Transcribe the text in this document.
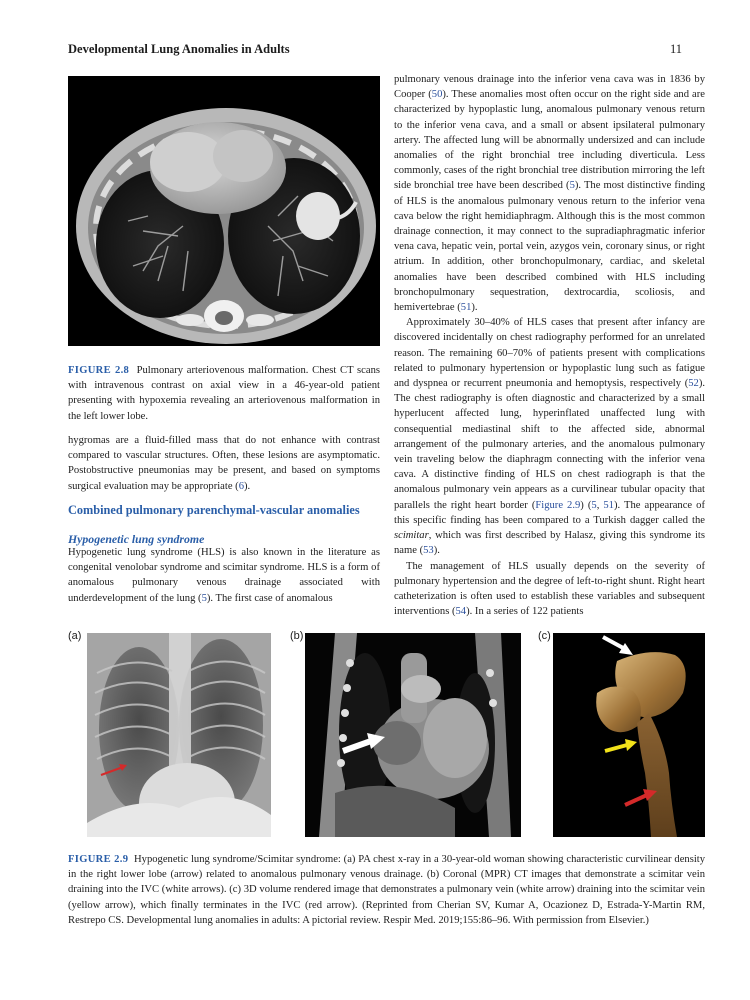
Developmental Lung Anomalies in Adults	11
FIGURE 2.8 Pulmonary arteriovenous malformation. Chest CT scans with intravenous contrast on axial view in a 46-year-old patient presenting with hypoxemia revealing an arteriovenous malformation in the left lower lobe.

hygromas are a fluid-filled mass that do not enhance with contrast compared to vascular structures. Often, these lesions are asymptomatic. Postobstructive pneumonias may be present, and based on symptoms surgical evaluation may be appropriate (6).

Combined pulmonary parenchymal-vascular anomalies
Hypogenetic lung syndrome

Hypogenetic lung syndrome (HLS) is also known in the literature as congenital venolobar syndrome and scimitar syndrome. HLS is a form of anomalous pulmonary venous drainage associated with underdevelopment of the lung (5). The first case of anomalous

pulmonary venous drainage into the inferior vena cava was in 1836 by Cooper (50). These anomalies most often occur on the right side and are characterized by hypoplastic lung, anomalous pulmonary venous return to the inferior vena cava, and a small or absent ipsilateral pulmonary artery. The affected lung will be abnormally undersized and can include anomalies of the right bronchial tree including diverticula. Less commonly, cases of the right bronchial tree distribution mirroring the left side bronchial tree have been described (5). The most distinctive finding of HLS is the anomalous pulmonary venous return to the inferior vena cava below the right hemidiaphragm. Although this is the most common drainage connection, it may connect to the supradiaphragmatic inferior vena cava, hepatic vein, portal vein, azygos vein, coronary sinus, or right atrium. In addition, other bronchopulmonary, cardiac, and skeletal anomalies have been described combined with HLS including bronchopulmonary sequestration, dextrocardia, scoliosis, and hemivertebrae (51).

Approximately 30–40% of HLS cases that present after infancy are discovered incidentally on chest radiography performed for an unrelated reason. The remaining 60–70% of patients present with complications related to pulmonary hypertension or hypoplastic lung such as fatigue and dyspnea or recurrent pneumonia and hemoptysis, respectively (52). The chest radiography is often diagnostic and characterized by a small hyperlucent affected lung, hyperinflated unaffected lung with consequential mediastinal shift to the affected side, abnormal arrangement of the pulmonary arteries, and the anomalous pulmonary vein traveling below the diaphragm connecting with the inferior vena cava. A distinctive finding of HLS on chest radiograph is that the anomalous pulmonary vein appears as a curvilinear tubular opacity that parallels the right heart border (Figure 2.9) (5, 51). The appearance of this specific finding has been compared to a Turkish dagger called the scimitar, which was first described by Halasz, giving this syndrome its name (53).

The management of HLS usually depends on the severity of pulmonary hypertension and the degree of left-to-right shunt. Right heart catheterization is often used to establish these variables and subsequent interventions (54). In a series of 122 patients

(a)	(b)	(c)
FIGURE 2.9 Hypogenetic lung syndrome/Scimitar syndrome: (a) PA chest x-ray in a 30-year-old woman showing characteristic curvilinear density in the right lower lobe (arrow) related to anomalous pulmonary venous drainage. (b) Coronal (MPR) CT images that demonstrate a scimitar vein draining into the IVC (white arrows). (c) 3D volume rendered image that demonstrates a pulmonary vein (white arrow) draining into the scimitar vein (yellow arrow), which finally terminates in the IVC (red arrow). (Reprinted from Cherian SV, Kumar A, Ocazionez D, Estrada-Y-Martin RM, Restrepo CS. Developmental lung anomalies in adults: A pictorial review. Respir Med. 2019;155:86–96. With permission from Elsevier.)
